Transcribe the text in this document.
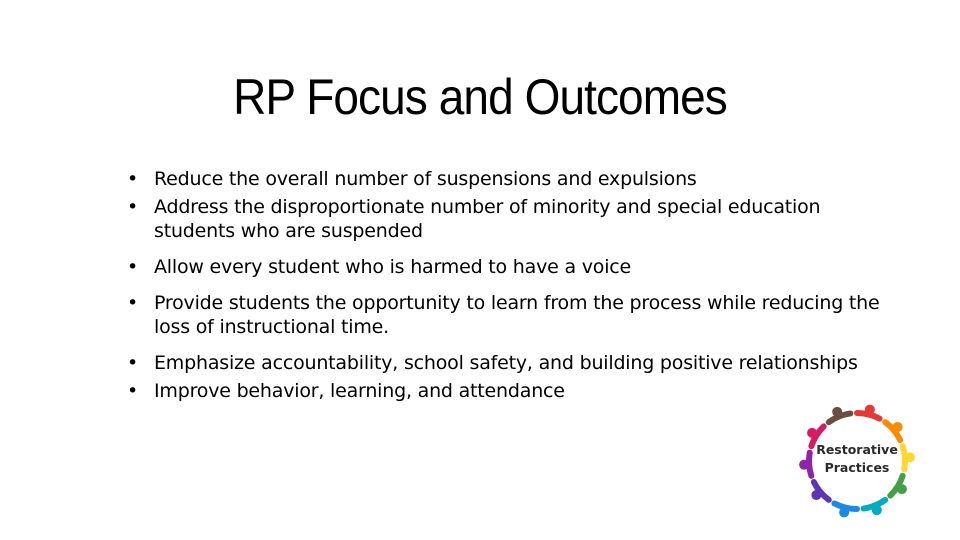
RP Focus and Outcomes
• Reduce the overall number of suspensions and expulsions
• Address the disproportionate number of minority and special education students who are suspended
• Allow every student who is harmed to have a voice
• Provide students the opportunity to learn from the process while reducing the loss of instructional time.
• Emphasize accountability, school safety, and building positive relationships
• Improve behavior, learning, and attendance
Restorative
Practices
